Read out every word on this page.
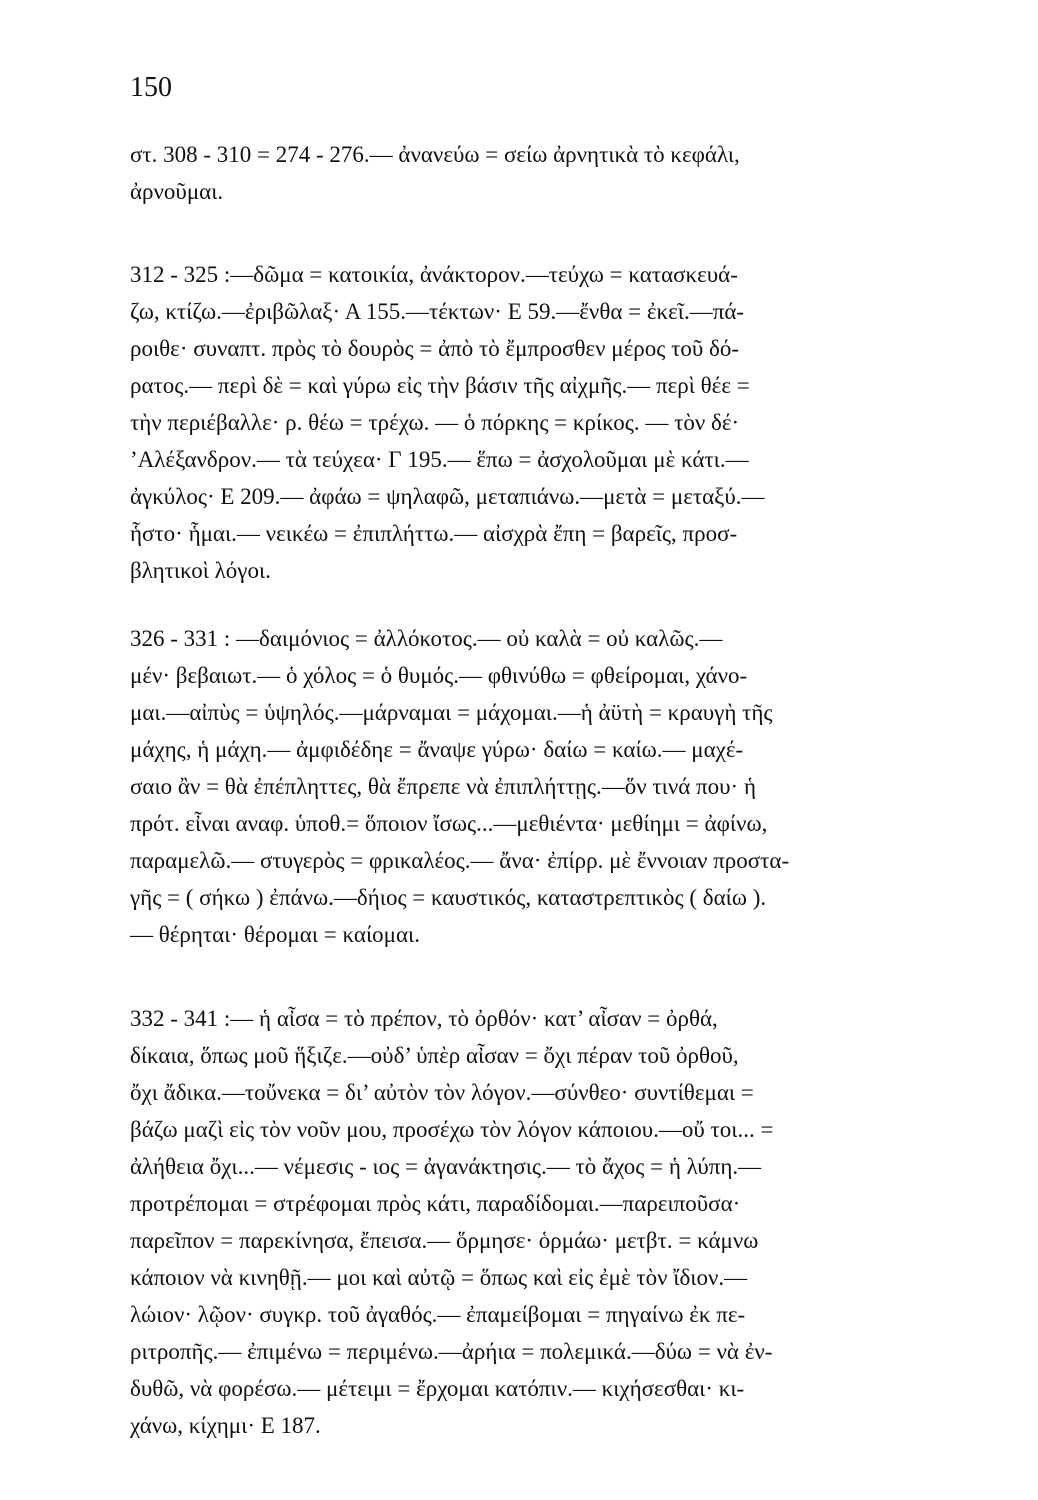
150
στ. 308 - 310 = 274 - 276.— ἀνανεύω = σείω ἀρνητικὰ τὸ κεφάλι,
ἀρνοῦμαι.
312 - 325 :—δῶμα = κατοικία, ἀνάκτορον.—τεύχω = κατασκευά-
ζω, κτίζω.—ἐριβῶλαξ· Α 155.—τέκτων· Ε 59.—ἔνθα = ἐκεῖ.—πά-
ροιθε· συναπτ. πρὸς τὸ δουρὸς = ἀπὸ τὸ ἔμπροσθεν μέρος τοῦ δό-
ρατος.— περὶ δὲ = καὶ γύρω εἰς τὴν βάσιν τῆς αἰχμῆς.— περὶ θέε =
τὴν περιέβαλλε· ρ. θέω = τρέχω. — ὁ πόρκης = κρίκος. — τὸν δέ·
’Αλέξανδρον.— τὰ τεύχεα· Γ 195.— ἕπω = ἀσχολοῦμαι μὲ κάτι.—
ἀγκύλος· Ε 209.— ἀφάω = ψηλαφῶ, μεταπιάνω.—μετὰ = μεταξύ.—
ἧστο· ἧμαι.— νεικέω = ἐπιπλήττω.— αἰσχρὰ ἔπη = βαρεῖς, προσ-
βλητικοὶ λόγοι.
326 - 331 : —δαιμόνιος = ἀλλόκοτος.— οὐ καλὰ = οὐ καλῶς.—
μέν· βεβαιωτ.— ὁ χόλος = ὁ θυμός.— φθινύθω = φθείρομαι, χάνο-
μαι.—αἰπὺς = ὑψηλός.—μάρναμαι = μάχομαι.—ἡ ἀϋτὴ = κραυγὴ τῆς
μάχης, ἡ μάχη.— ἀμφιδέδηε = ἄναψε γύρω· δαίω = καίω.— μαχέ-
σαιο ἂν = θὰ ἐπέπληττες, θὰ ἔπρεπε νὰ ἐπιπλήττῃς.—ὅν τινά που· ἡ
πρότ. εἶναι αναφ. ὑποθ.= ὅποιον ἴσως...—μεθιέντα· μεθίημι = ἀφίνω,
παραμελῶ.— στυγερὸς = φρικαλέος.— ἄνα· ἐπίρρ. μὲ ἔννοιαν προστα-
γῆς = ( σήκω ) ἐπάνω.—δήιος = καυστικός, καταστρεπτικὸς ( δαίω ).
— θέρηται· θέρομαι = καίομαι.
332 - 341 :— ἡ αἶσα = τὸ πρέπον, τὸ ὀρθόν· κατ’ αἶσαν = ὀρθά,
δίκαια, ὅπως μοῦ ἥξιζε.—οὐδ’ ὑπὲρ αἶσαν = ὄχι πέραν τοῦ ὀρθοῦ,
ὄχι ἄδικα.—τοὔνεκα = δι’ αὐτὸν τὸν λόγον.—σύνθεο· συντίθεμαι =
βάζω μαζὶ εἰς τὸν νοῦν μου, προσέχω τὸν λόγον κάποιου.—οὔ τοι... =
ἀλήθεια ὄχι...— νέμεσις - ιος = ἀγανάκτησις.— τὸ ἄχος = ἡ λύπη.—
προτρέπομαι = στρέφομαι πρὸς κάτι, παραδίδομαι.—παρειποῦσα·
παρεῖπον = παρεκίνησα, ἔπεισα.— ὅρμησε· ὁρμάω· μετβτ. = κάμνω
κάποιον νὰ κινηθῇ.— μοι καὶ αὐτῷ = ὅπως καὶ εἰς ἐμὲ τὸν ἴδιον.—
λώιον· λῷον· συγκρ. τοῦ ἀγαθός.— ἐπαμείβομαι = πηγαίνω ἐκ πε-
ριτροπῆς.— ἐπιμένω = περιμένω.—ἀρήια = πολεμικά.—δύω = νὰ ἐν-
δυθῶ, νὰ φορέσω.— μέτειμι = ἔρχομαι κατόπιν.— κιχήσεσθαι· κι-
χάνω, κίχημι· Ε 187.
